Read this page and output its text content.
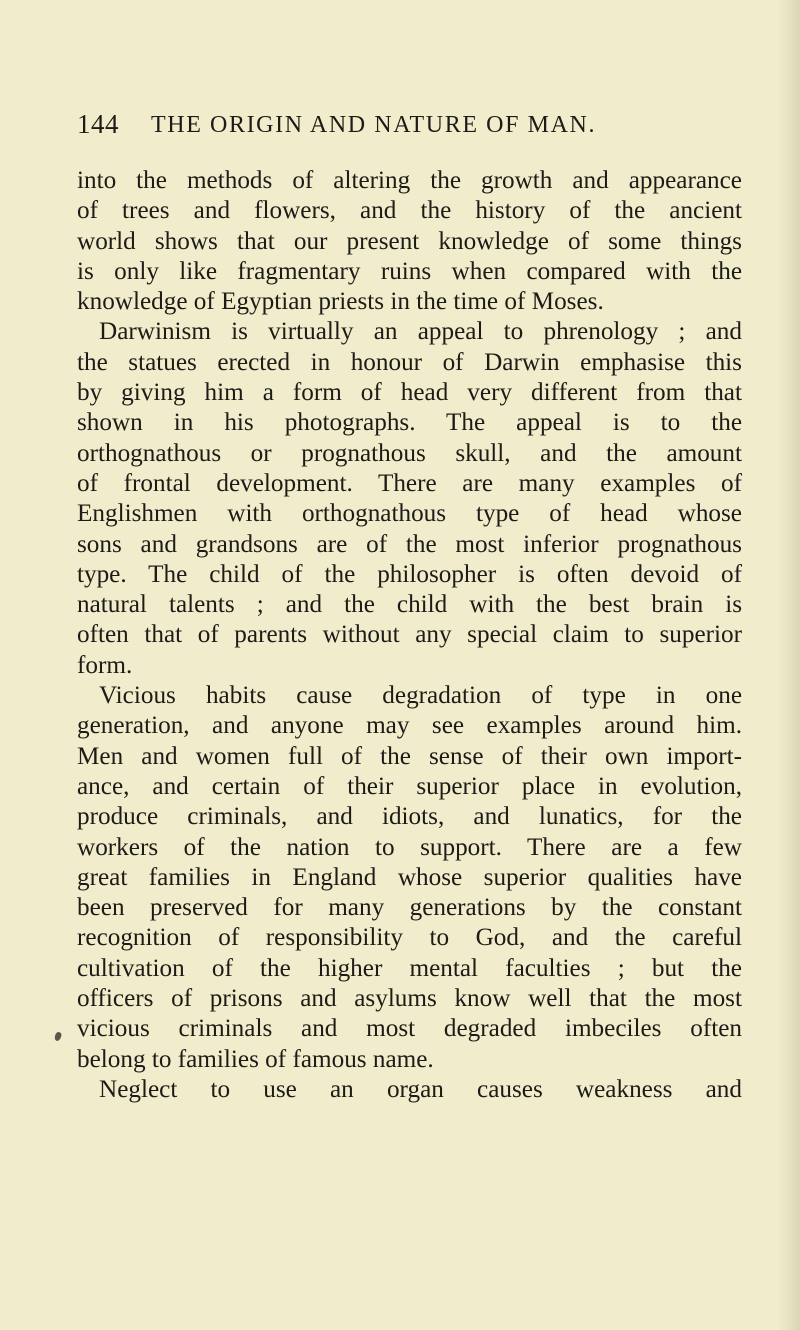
144 THE ORIGIN AND NATURE OF MAN.
into the methods of altering the growth and appearance
of trees and flowers, and the history of the ancient
world shows that our present knowledge of some things
is only like fragmentary ruins when compared with the
knowledge of Egyptian priests in the time of Moses.
Darwinism is virtually an appeal to phrenology ; and
the statues erected in honour of Darwin emphasise this
by giving him a form of head very different from that
shown in his photographs. The appeal is to the
orthognathous or prognathous skull, and the amount
of frontal development. There are many examples of
Englishmen with orthognathous type of head whose
sons and grandsons are of the most inferior prognathous
type. The child of the philosopher is often devoid of
natural talents ; and the child with the best brain is
often that of parents without any special claim to superior
form.
Vicious habits cause degradation of type in one
generation, and anyone may see examples around him.
Men and women full of the sense of their own import-
ance, and certain of their superior place in evolution,
produce criminals, and idiots, and lunatics, for the
workers of the nation to support. There are a few
great families in England whose superior qualities have
been preserved for many generations by the constant
recognition of responsibility to God, and the careful
cultivation of the higher mental faculties ; but the
officers of prisons and asylums know well that the most
vicious criminals and most degraded imbeciles often
belong to families of famous name.
Neglect to use an organ causes weakness and
